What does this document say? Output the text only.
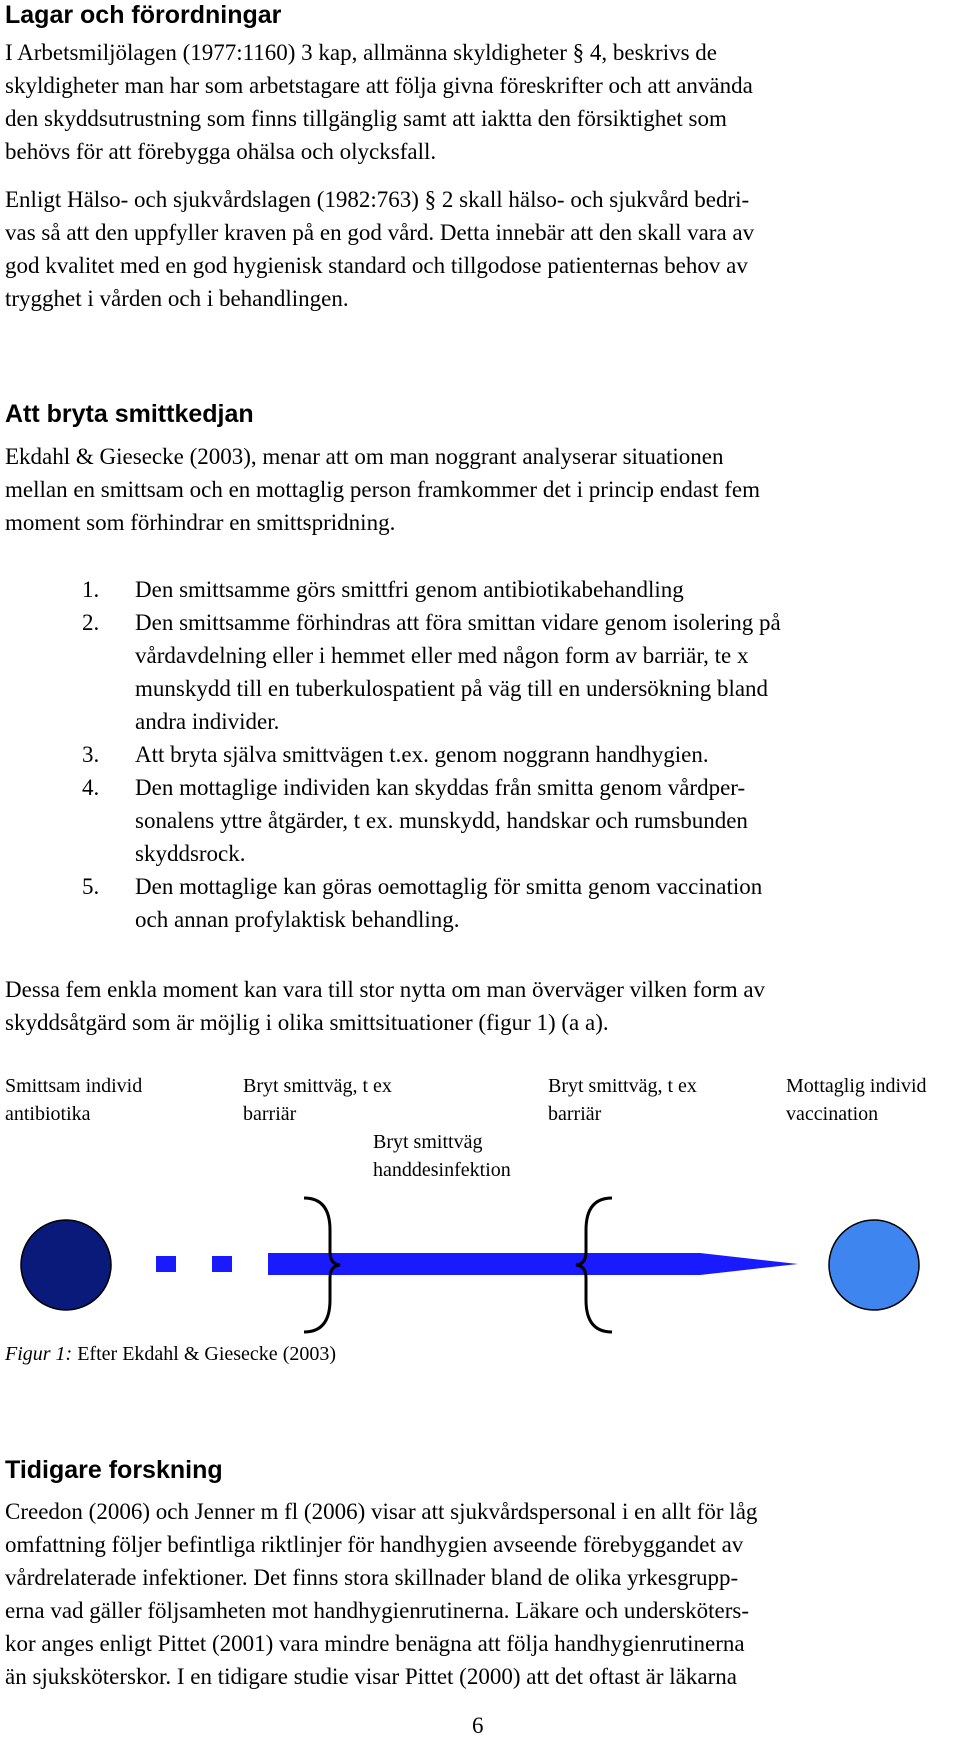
Lagar och förordningar

I Arbetsmiljölagen (1977:1160) 3 kap, allmänna skyldigheter § 4, beskrivs de
skyldigheter man har som arbetstagare att följa givna föreskrifter och att använda
den skyddsutrustning som finns tillgänglig samt att iaktta den försiktighet som
behövs för att förebygga ohälsa och olycksfall.

Enligt Hälso- och sjukvårdslagen (1982:763) § 2 skall hälso- och sjukvård bedri-
vas så att den uppfyller kraven på en god vård. Detta innebär att den skall vara av
god kvalitet med en god hygienisk standard och tillgodose patienternas behov av
trygghet i vården och i behandlingen.

Att bryta smittkedjan

Ekdahl & Giesecke (2003), menar att om man noggrant analyserar situationen
mellan en smittsam och en mottaglig person framkommer det i princip endast fem
moment som förhindrar en smittspridning.

1. Den smittsamme görs smittfri genom antibiotikabehandling
2. Den smittsamme förhindras att föra smittan vidare genom isolering på
vårdavdelning eller i hemmet eller med någon form av barriär, te x
munskydd till en tuberkulospatient på väg till en undersökning bland
andra individer.
3. Att bryta själva smittvägen t.ex. genom noggrann handhygien.
4. Den mottaglige individen kan skyddas från smitta genom vårdper-
sonalens yttre åtgärder, t ex. munskydd, handskar och rumsbunden
skyddsrock.
5. Den mottaglige kan göras oemottaglig för smitta genom vaccination
och annan profylaktisk behandling.

Dessa fem enkla moment kan vara till stor nytta om man överväger vilken form av
skyddsåtgärd som är möjlig i olika smittsituationer (figur 1) (a a).

Smittsam individ
antibiotika
Bryt smittväg, t ex
barriär
Bryt smittväg
handdesinfektion
Bryt smittväg, t ex
barriär
Mottaglig individ
vaccination
Figur 1: Efter Ekdahl & Giesecke (2003)
Tidigare forskning

Creedon (2006) och Jenner m fl (2006) visar att sjukvårdspersonal i en allt för låg
omfattning följer befintliga riktlinjer för handhygien avseende förebyggandet av
vårdrelaterade infektioner. Det finns stora skillnader bland de olika yrkesgrupp-
erna vad gäller följsamheten mot handhygienrutinerna. Läkare och undersköters-
kor anges enligt Pittet (2001) vara mindre benägna att följa handhygienrutinerna
än sjuksköterskor. I en tidigare studie visar Pittet (2000) att det oftast är läkarna

6
